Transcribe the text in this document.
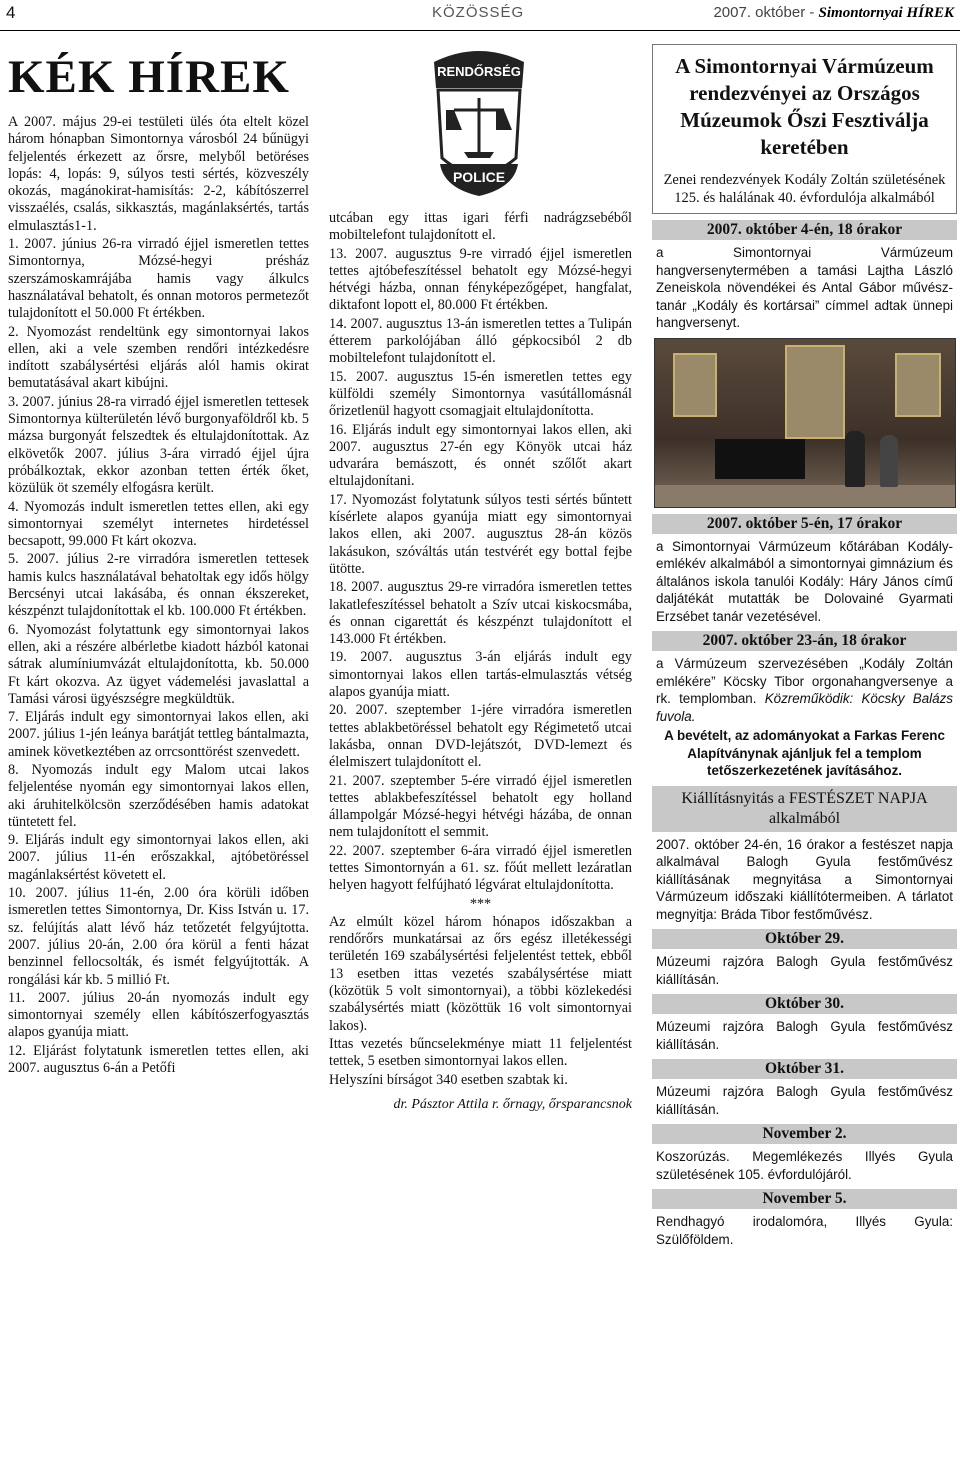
4	KÖZÖSSÉG	2007. október - Simontornyai HÍREK
KÉK HÍREK

A 2007. május 29-ei testületi ülés óta eltelt közel három hónapban Simontornya városból 24 bűnügyi feljelentés érkezett az őrsre, melyből betöréses lopás: 4, lopás: 9, súlyos testi sértés, közveszély okozás, magánokirat-hamisítás: 2-2, kábítószerrel visszaélés, csalás, sikkasztás, magánlaksértés, tartás elmulasztás1-1.

1. 2007. június 26-ra virradó éjjel ismeretlen tettes Simontornya, Mózsé-hegyi présház szerszámoskamrájába hamis vagy álkulcs használatával behatolt, és onnan motoros permetezőt tulajdonított el 50.000 Ft értékben.

2. Nyomozást rendeltünk egy simontornyai lakos ellen, aki a vele szemben rendőri intézkedésre indított szabálysértési eljárás alól hamis okirat bemutatásával akart kibújni.

3. 2007. június 28-ra virradó éjjel ismeretlen tettesek Simontornya külterületén lévő burgonyaföldről kb. 5 mázsa burgonyát felszedtek és eltulajdonítottak. Az elkövetők 2007. július 3-ára virradó éjjel újra próbálkoztak, ekkor azonban tetten érték őket, közülük öt személy elfogásra került.

4. Nyomozás indult ismeretlen tettes ellen, aki egy simontornyai személyt internetes hirdetéssel becsapott, 99.000 Ft kárt okozva.

5. 2007. július 2-re virradóra ismeretlen tettesek hamis kulcs használatával behatoltak egy idős hölgy Bercsényi utcai lakásába, és onnan ékszereket, készpénzt tulajdonítottak el kb. 100.000 Ft értékben.

6. Nyomozást folytattunk egy simontornyai lakos ellen, aki a részére albérletbe kiadott házból katonai sátrak alumíniumvázát eltulajdonította, kb. 50.000 Ft kárt okozva. Az ügyet vádemelési javaslattal a Tamási városi ügyészségre megküldtük.

7. Eljárás indult egy simontornyai lakos ellen, aki 2007. július 1-jén leánya barátját tettleg bántalmazta, aminek következtében az orrcsonttörést szenvedett.

8. Nyomozás indult egy Malom utcai lakos feljelentése nyomán egy simontornyai lakos ellen, aki áruhitelkölcsön szerződésében hamis adatokat tüntetett fel.

9. Eljárás indult egy simontornyai lakos ellen, aki 2007. július 11-én erőszakkal, ajtóbetöréssel magánlaksértést követett el.

10. 2007. július 11-én, 2.00 óra körüli időben ismeretlen tettes Simontornya, Dr. Kiss István u. 17. sz. felújítás alatt lévő ház tetőzetét felgyújtotta. 2007. július 20-án, 2.00 óra körül a fenti házat benzinnel fellocsolták, és ismét felgyújtották. A rongálási kár kb. 5 millió Ft.

11. 2007. július 20-án nyomozás indult egy simontornyai személy ellen kábítószerfogyasztás alapos gyanúja miatt.

12. Eljárást folytatunk ismeretlen tettes ellen, aki 2007. augusztus 6-án a Petőfi

RENDŐRSÉG
POLICE

utcában egy ittas igari férfi nadrágzsebéből mobiltelefont tulajdonított el.

13. 2007. augusztus 9-re virradó éjjel ismeretlen tettes ajtóbefeszítéssel behatolt egy Mózsé-hegyi hétvégi házba, onnan fényképezőgépet, hangfalat, diktafont lopott el, 80.000 Ft értékben.

14. 2007. augusztus 13-án ismeretlen tettes a Tulipán étterem parkolójában álló gépkocsiból 2 db mobiltelefont tulajdonított el.

15. 2007. augusztus 15-én ismeretlen tettes egy külföldi személy Simontornya vasútállomásnál őrizetlenül hagyott csomagjait eltulajdonította.

16. Eljárás indult egy simontornyai lakos ellen, aki 2007. augusztus 27-én egy Könyök utcai ház udvarára bemászott, és onnét szőlőt akart eltulajdonítani.

17. Nyomozást folytatunk súlyos testi sértés bűntett kísérlete alapos gyanúja miatt egy simontornyai lakos ellen, aki 2007. augusztus 28-án közös lakásukon, szóváltás után testvérét egy bottal fejbe ütötte.

18. 2007. augusztus 29-re virradóra ismeretlen tettes lakatlefeszítéssel behatolt a Szív utcai kiskocsmába, és onnan cigarettát és készpénzt tulajdonított el 143.000 Ft értékben.

19. 2007. augusztus 3-án eljárás indult egy simontornyai lakos ellen tartás-elmulasztás vétség alapos gyanúja miatt.

20. 2007. szeptember 1-jére virradóra ismeretlen tettes ablakbetöréssel behatolt egy Régimetető utcai lakásba, onnan DVD-lejátszót, DVD-lemezt és élelmiszert tulajdonított el.

21. 2007. szeptember 5-ére virradó éjjel ismeretlen tettes ablakbefeszítéssel behatolt egy holland állampolgár Mózsé-hegyi hétvégi házába, de onnan nem tulajdonított el semmit.

22. 2007. szeptember 6-ára virradó éjjel ismeretlen tettes Simontornyán a 61. sz. főút mellett lezáratlan helyen hagyott felfújható légvárat eltulajdonította.

***

Az elmúlt közel három hónapos időszakban a rendőrőrs munkatársai az őrs egész illetékességi területén 169 szabálysértési feljelentést tettek, ebből 13 esetben ittas vezetés szabálysértése miatt (közötük 5 volt simontornyai), a többi közlekedési szabálysértés miatt (közöttük 16 volt simontornyai lakos).

Ittas vezetés bűncselekménye miatt 11 feljelentést tettek, 5 esetben simontornyai lakos ellen.

Helyszíni bírságot 340 esetben szabtak ki.

dr. Pásztor Attila r. őrnagy, őrsparancsnok
A Simontornyai Vármúzeum rendezvényei az Országos Múzeumok Őszi Fesztiválja keretében
Zenei rendezvények Kodály Zoltán születésének 125. és halálának 40. évfordulója alkalmából
2007. október 4-én, 18 órakor
a Simontornyai Vármúzeum hangversenytermében a tamási Lajtha László Zeneiskola növendékei és Antal Gábor művész-tanár „Kodály és kortársai” címmel adtak ünnepi hangversenyt.
2007. október 5-én, 17 órakor
a Simontornyai Vármúzeum kőtárában Kodály-emlékév alkalmából a simontornyai gimnázium és általános iskola tanulói Kodály: Háry János című daljátékát mutatták be Dolovainé Gyarmati Erzsébet tanár vezetésével.
2007. október 23-án, 18 órakor
a Vármúzeum szervezésében „Kodály Zoltán emlékére” Köcsky Tibor orgonahangversenye a rk. templomban. Közreműködik: Köcsky Balázs fuvola.
A bevételt, az adományokat a Farkas Ferenc Alapítványnak ajánljuk fel a templom tetőszerkezetének javításához.
Kiállításnyitás a FESTÉSZET NAPJA alkalmából
2007. október 24-én, 16 órakor a festészet napja alkalmával Balogh Gyula festőművész kiállításának megnyitása a Simontornyai Vármúzeum időszaki kiállítótermeiben. A tárlatot megnyitja: Bráda Tibor festőművész.
Október 29.
Múzeumi rajzóra Balogh Gyula festőművész kiállításán.
Október 30.
Múzeumi rajzóra Balogh Gyula festőművész kiállításán.
Október 31.
Múzeumi rajzóra Balogh Gyula festőművész kiállításán.
November 2.
Koszorúzás. Megemlékezés Illyés Gyula születésének 105. évfordulójáról.
November 5.
Rendhagyó irodalomóra, Illyés Gyula: Szülőföldem.
